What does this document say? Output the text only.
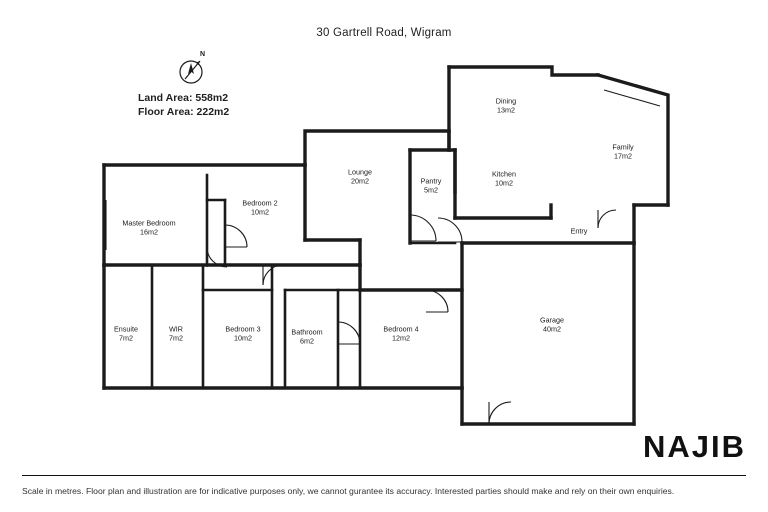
30 Gartrell Road, Wigram
Land Area: 558m2
Floor Area: 222m2
N
Dining
13m2
Family
17m2
Lounge
20m2	Pantry
5m2
Kitchen
10m2
Master Bedroom
16m2
Bedroom 2
10m2
Entry
Ensuite
7m2
WIR
7m2
Bedroom 3
10m2
Bathroom
6m2
Bedroom 4
12m2
Garage
40m2
NAJIB
Scale in metres. Floor plan and illustration are for indicative purposes only, we cannot gurantee its accuracy. Interested parties should make and rely on their own enquiries.
